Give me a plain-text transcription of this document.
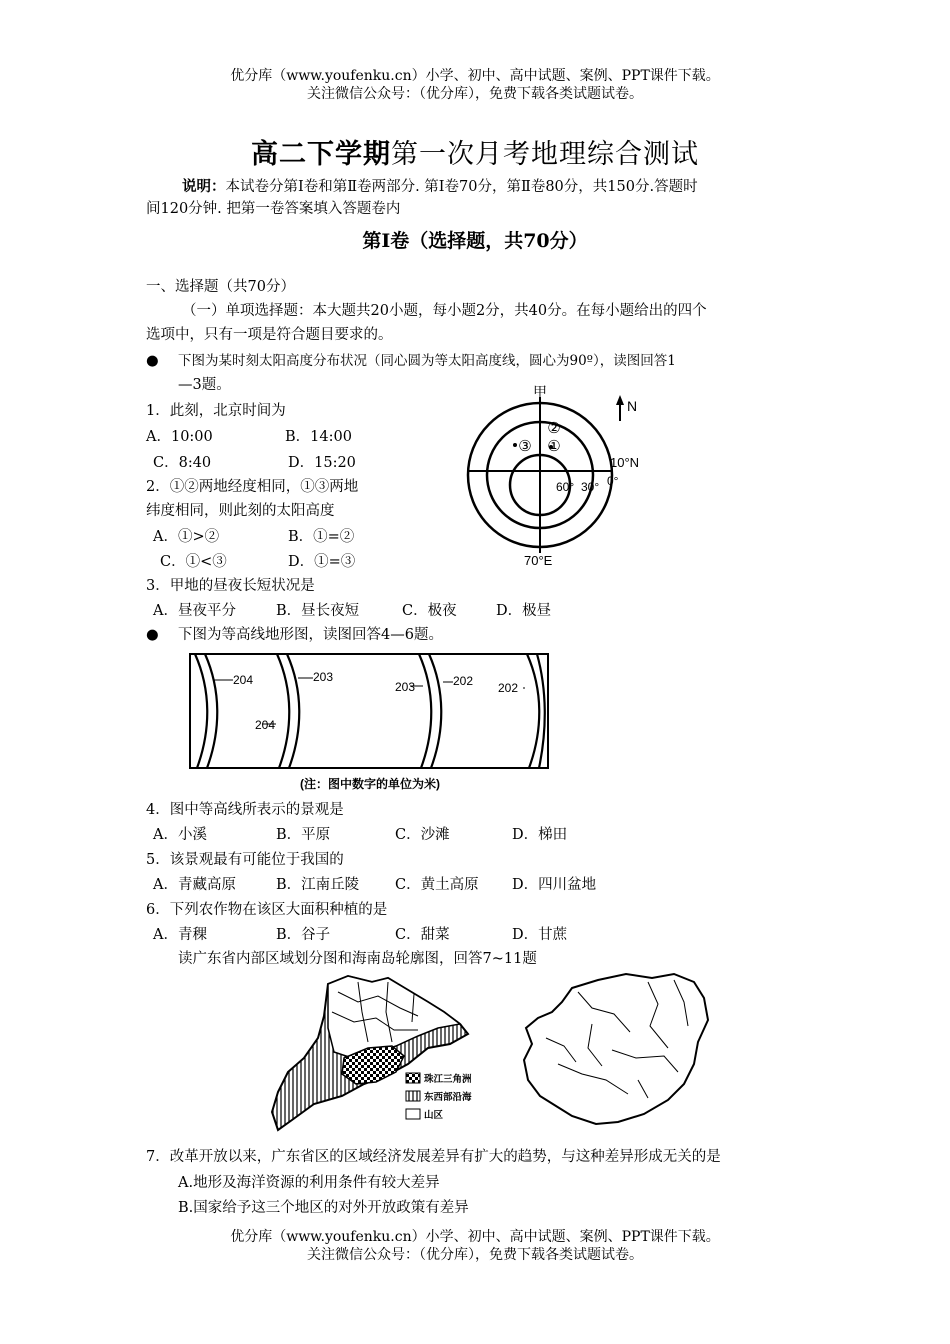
优分库（www.youfenku.cn）小学、初中、高中试题、案例、PPT课件下载。
关注微信公众号：（优分库），免费下载各类试题试卷。
高二下学期第一次月考地理综合测试
说明：本试卷分第Ⅰ卷和第Ⅱ卷两部分. 第Ⅰ卷70分，第Ⅱ卷80分，共150分.答题时
间120分钟. 把第一卷答案填入答题卷内
第Ⅰ卷（选择题，共70分）
一、选择题（共70分）
（一）单项选择题：本大题共20小题，每小题2分，共40分。在每小题给出的四个
选项中，只有一项是符合题目要求的。
● 下图为某时刻太阳高度分布状况（同心圆为等太阳高度线，圆心为90º），读图回答1
—3题。
1．此刻，北京时间为
A．10:00	B．14:00
C．8:40	D．15:20
2．①②两地经度相同，①③两地
纬度相同，则此刻的太阳高度
A．①>②	B．①=②
C．①<③	D．①=③
3．甲地的昼夜长短状况是
A．昼夜平分	B．昼长夜短	C．极夜	D．极昼
甲
N
10°N
70°E
60° 30° 0°
②
③ ①
● 下图为等高线地形图，读图回答4—6题。
204	203
204
203	202 202
(注：图中数字的单位为米)
4．图中等高线所表示的景观是
A．小溪	B．平原	C．沙滩	D．梯田
5．该景观最有可能位于我国的
A．青藏高原	B．江南丘陵 C．黄土高原 D．四川盆地
6．下列农作物在该区大面积种植的是
A．青稞	B．谷子	C．甜菜	D．甘蔗
读广东省内部区域划分图和海南岛轮廓图，回答7~11题
珠江三角洲
东西部沿海
山区
7．改革开放以来，广东省区的区域经济发展差异有扩大的趋势，与这种差异形成无关的是
A.地形及海洋资源的利用条件有较大差异
B.国家给予这三个地区的对外开放政策有差异
优分库（www.youfenku.cn）小学、初中、高中试题、案例、PPT课件下载。
关注微信公众号：（优分库），免费下载各类试题试卷。
